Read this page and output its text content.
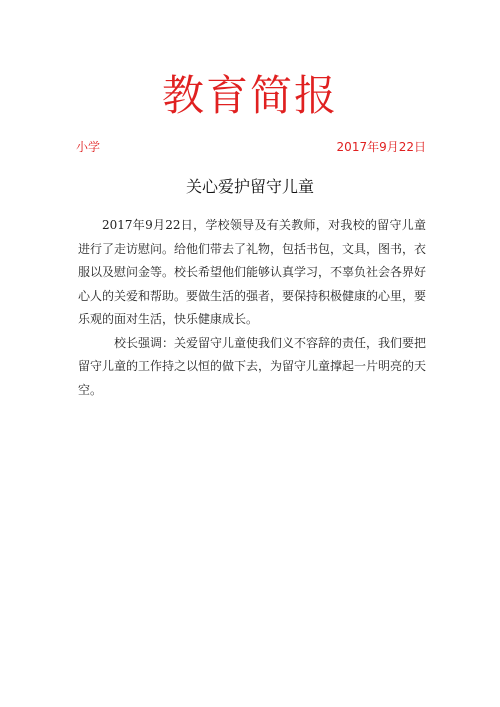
教育简报
小学	2017年9月22日
关心爱护留守儿童

2017年9月22日，学校领导及有关教师，对我校的留守儿童进行了走访慰问。给他们带去了礼物，包括书包，文具，图书，衣服以及慰问金等。校长希望他们能够认真学习，不辜负社会各界好心人的关爱和帮助。要做生活的强者，要保持积极健康的心里，要乐观的面对生活，快乐健康成长。

校长强调：关爱留守儿童使我们义不容辞的责任，我们要把留守儿童的工作持之以恒的做下去，为留守儿童撑起一片明亮的天空。
